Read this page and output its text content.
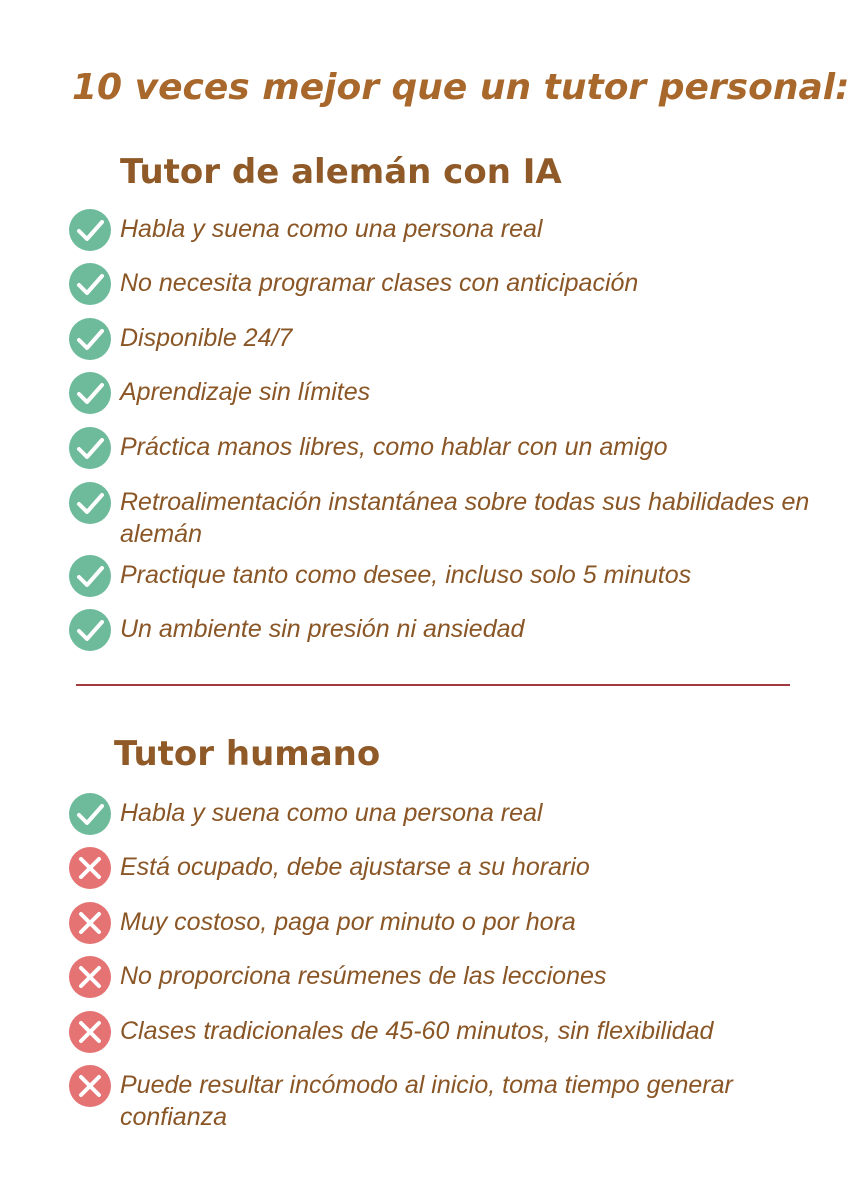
10 veces mejor que un tutor personal:
Tutor de alemán con IA
Habla y suena como una persona real
No necesita programar clases con anticipación
Disponible 24/7
Aprendizaje sin límites
Práctica manos libres, como hablar con un amigo
Retroalimentación instantánea sobre todas sus habilidades en alemán
Practique tanto como desee, incluso solo 5 minutos
Un ambiente sin presión ni ansiedad
Tutor humano
Habla y suena como una persona real
Está ocupado, debe ajustarse a su horario
Muy costoso, paga por minuto o por hora
No proporciona resúmenes de las lecciones
Clases tradicionales de 45-60 minutos, sin flexibilidad
Puede resultar incómodo al inicio, toma tiempo generar confianza
